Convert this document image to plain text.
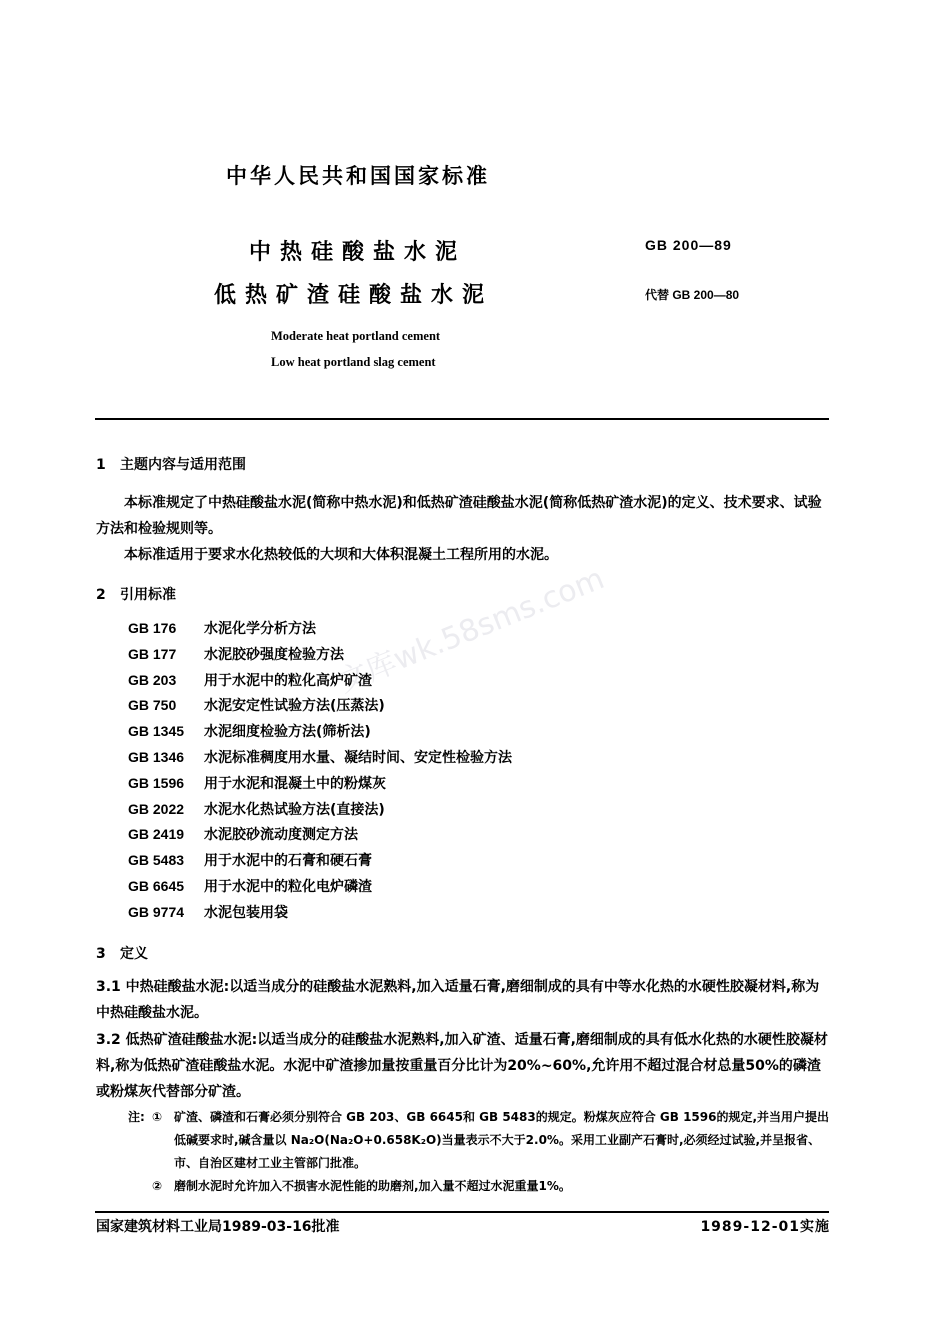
文库wk.58sms.com
中华人民共和国国家标准
中热硅酸盐水泥
低热矿渣硅酸盐水泥
GB 200—89
代替 GB 200—80
Moderate heat portland cement
Low heat portland slag cement
1 主题内容与适用范围
本标准规定了中热硅酸盐水泥(简称中热水泥)和低热矿渣硅酸盐水泥(简称低热矿渣水泥)的定义、技术要求、试验方法和检验规则等。
本标准适用于要求水化热较低的大坝和大体积混凝土工程所用的水泥。
2 引用标准
GB 176 水泥化学分析方法
GB 177 水泥胶砂强度检验方法
GB 203 用于水泥中的粒化高炉矿渣
GB 750 水泥安定性试验方法(压蒸法)
GB 1345 水泥细度检验方法(筛析法)
GB 1346 水泥标准稠度用水量、凝结时间、安定性检验方法
GB 1596 用于水泥和混凝土中的粉煤灰
GB 2022 水泥水化热试验方法(直接法)
GB 2419 水泥胶砂流动度测定方法
GB 5483 用于水泥中的石膏和硬石膏
GB 6645 用于水泥中的粒化电炉磷渣
GB 9774 水泥包装用袋
3 定义
3.1 中热硅酸盐水泥:以适当成分的硅酸盐水泥熟料,加入适量石膏,磨细制成的具有中等水化热的水硬性胶凝材料,称为中热硅酸盐水泥。
3.2 低热矿渣硅酸盐水泥:以适当成分的硅酸盐水泥熟料,加入矿渣、适量石膏,磨细制成的具有低水化热的水硬性胶凝材料,称为低热矿渣硅酸盐水泥。水泥中矿渣掺加量按重量百分比计为20%~60%,允许用不超过混合材总量50%的磷渣或粉煤灰代替部分矿渣。
注: ① 矿渣、磷渣和石膏必须分别符合 GB 203、GB 6645和 GB 5483的规定。粉煤灰应符合 GB 1596的规定,并当用户提出低碱要求时,碱含量以 Na₂O(Na₂O+0.658K₂O)当量表示不大于2.0%。采用工业副产石膏时,必须经过试验,并呈报省、市、自治区建材工业主管部门批准。
② 磨制水泥时允许加入不损害水泥性能的助磨剂,加入量不超过水泥重量1%。
国家建筑材料工业局1989-03-16批准	1989-12-01实施
